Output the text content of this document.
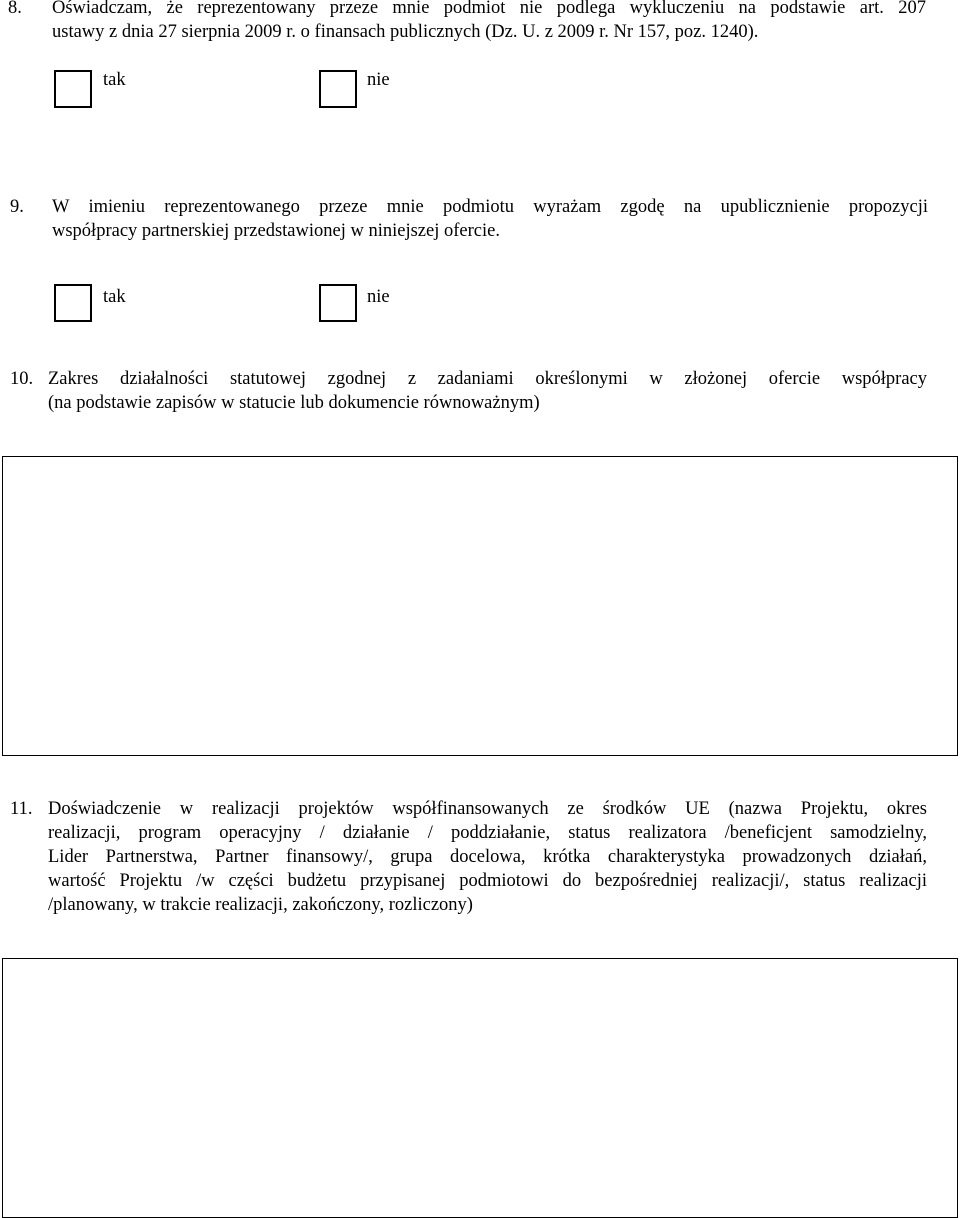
8. Oświadczam, że reprezentowany przeze mnie podmiot nie podlega wykluczeniu na podstawie art. 207
ustawy z dnia 27 sierpnia 2009 r. o finansach publicznych (Dz. U. z 2009 r. Nr 157, poz. 1240).
tak	nie
9. W imieniu reprezentowanego przeze mnie podmiotu wyrażam zgodę na upublicznienie propozycji
współpracy partnerskiej przedstawionej w niniejszej ofercie.
tak	nie
10. Zakres działalności statutowej zgodnej z zadaniami określonymi w złożonej ofercie współpracy
(na podstawie zapisów w statucie lub dokumencie równoważnym)
11. Doświadczenie w realizacji projektów współfinansowanych ze środków UE (nazwa Projektu, okres
realizacji, program operacyjny / działanie / poddziałanie, status realizatora /beneficjent samodzielny,
Lider Partnerstwa, Partner finansowy/, grupa docelowa, krótka charakterystyka prowadzonych działań,
wartość Projektu /w części budżetu przypisanej podmiotowi do bezpośredniej realizacji/, status realizacji
/planowany, w trakcie realizacji, zakończony, rozliczony)
